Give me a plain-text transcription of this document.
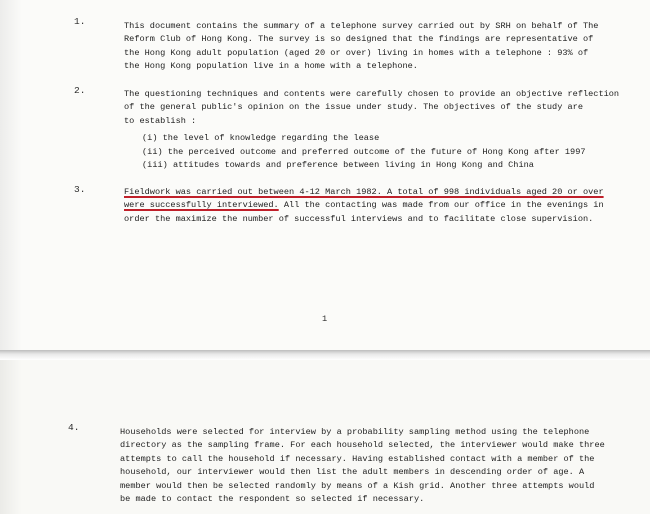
1.	This document contains the summary of a telephone survey carried out by SRH on behalf of The
Reform Club of Hong Kong. The survey is so designed that the findings are representative of
the Hong Kong adult population (aged 20 or over) living in homes with a telephone : 93% of
the Hong Kong population live in a home with a telephone.
2.	The questioning techniques and contents were carefully chosen to provide an objective reflection
of the general public's opinion on the issue under study. The objectives of the study are
to establish :
(i) the level of knowledge regarding the lease
(ii) the perceived outcome and preferred outcome of the future of Hong Kong after 1997
(iii) attitudes towards and preference between living in Hong Kong and China
3.	Fieldwork was carried out between 4-12 March 1982. A total of 998 individuals aged 20 or over
were successfully interviewed. All the contacting was made from our office in the evenings in
order the maximize the number of successful interviews and to facilitate close supervision.
1
4.	Households were selected for interview by a probability sampling method using the telephone
directory as the sampling frame. For each household selected, the interviewer would make three
attempts to call the household if necessary. Having established contact with a member of the
household, our interviewer would then list the adult members in descending order of age. A
member would then be selected randomly by means of a Kish grid. Another three attempts would
be made to contact the respondent so selected if necessary.
